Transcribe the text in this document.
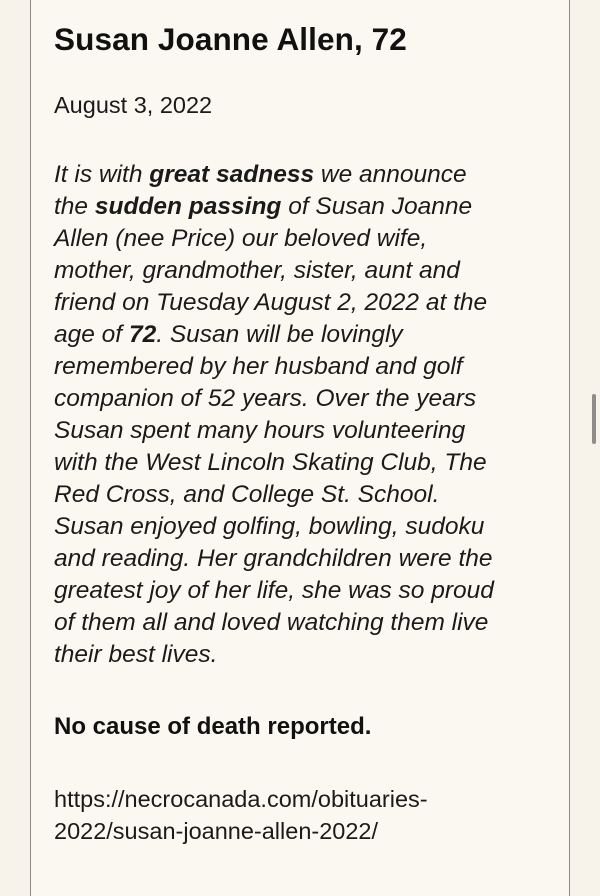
Susan Joanne Allen, 72
August 3, 2022
It is with great sadness we announce
the sudden passing of Susan Joanne
Allen (nee Price) our beloved wife,
mother, grandmother, sister, aunt and
friend on Tuesday August 2, 2022 at the
age of 72. Susan will be lovingly
remembered by her husband and golf
companion of 52 years. Over the years
Susan spent many hours volunteering
with the West Lincoln Skating Club, The
Red Cross, and College St. School.
Susan enjoyed golfing, bowling, sudoku
and reading. Her grandchildren were the
greatest joy of her life, she was so proud
of them all and loved watching them live
their best lives.
No cause of death reported.
https://necrocanada.com/obituaries-
2022/susan-joanne-allen-2022/
